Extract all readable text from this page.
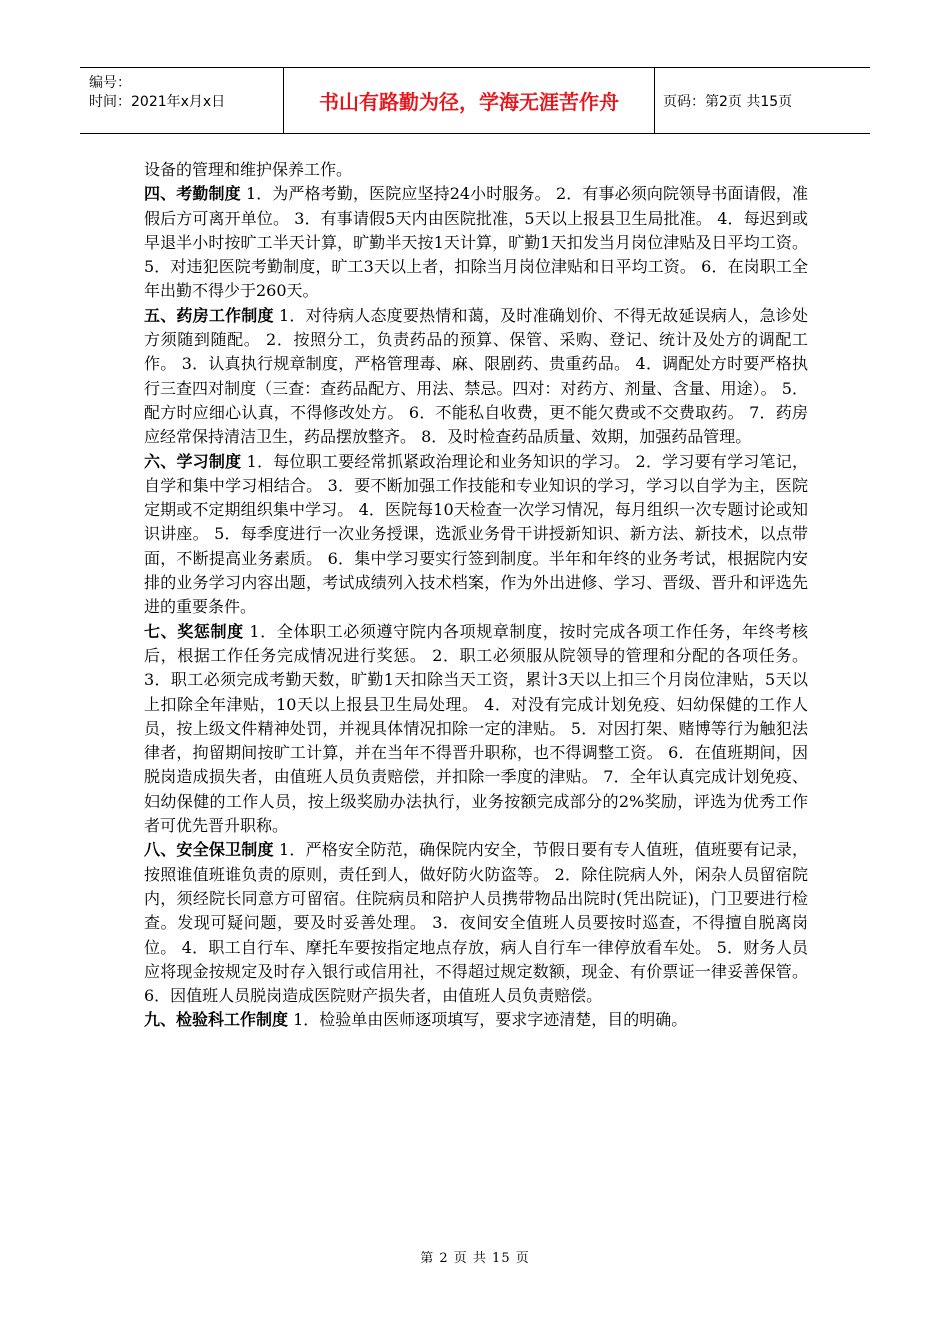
编号：
时间：2021年x月x日	书山有路勤为径，学海无涯苦作舟	页码：第2页 共15页

设备的管理和维护保养工作。

四、考勤制度 1．为严格考勤，医院应坚持24小时服务。 2．有事必须向院领导书面请假，准假后方可离开单位。 3．有事请假5天内由医院批准，5天以上报县卫生局批准。 4．每迟到或早退半小时按旷工半天计算，旷勤半天按1天计算，旷勤1天扣发当月岗位津贴及日平均工资。 5．对违犯医院考勤制度，旷工3天以上者，扣除当月岗位津贴和日平均工资。 6．在岗职工全年出勤不得少于260天。

五、药房工作制度 1．对待病人态度要热情和蔼，及时准确划价、不得无故延误病人，急诊处方须随到随配。 2．按照分工，负责药品的预算、保管、采购、登记、统计及处方的调配工作。 3．认真执行规章制度，严格管理毒、麻、限剧药、贵重药品。 4．调配处方时要严格执行三查四对制度（三查：查药品配方、用法、禁忌。四对：对药方、剂量、含量、用途）。 5．配方时应细心认真，不得修改处方。 6．不能私自收费，更不能欠费或不交费取药。 7．药房应经常保持清洁卫生，药品摆放整齐。 8．及时检查药品质量、效期，加强药品管理。

六、学习制度 1．每位职工要经常抓紧政治理论和业务知识的学习。 2．学习要有学习笔记，自学和集中学习相结合。 3．要不断加强工作技能和专业知识的学习，学习以自学为主，医院定期或不定期组织集中学习。 4．医院每10天检查一次学习情况，每月组织一次专题讨论或知识讲座。 5．每季度进行一次业务授课，选派业务骨干讲授新知识、新方法、新技术，以点带面，不断提高业务素质。 6．集中学习要实行签到制度。半年和年终的业务考试，根据院内安排的业务学习内容出题，考试成绩列入技术档案，作为外出进修、学习、晋级、晋升和评选先进的重要条件。

七、奖惩制度 1．全体职工必须遵守院内各项规章制度，按时完成各项工作任务，年终考核后，根据工作任务完成情况进行奖惩。 2．职工必须服从院领导的管理和分配的各项任务。 3．职工必须完成考勤天数，旷勤1天扣除当天工资，累计3天以上扣三个月岗位津贴，5天以上扣除全年津贴，10天以上报县卫生局处理。 4．对没有完成计划免疫、妇幼保健的工作人员，按上级文件精神处罚，并视具体情况扣除一定的津贴。 5．对因打架、赌博等行为触犯法律者，拘留期间按旷工计算，并在当年不得晋升职称，也不得调整工资。 6．在值班期间，因脱岗造成损失者，由值班人员负责赔偿，并扣除一季度的津贴。 7．全年认真完成计划免疫、妇幼保健的工作人员，按上级奖励办法执行，业务按额完成部分的2%奖励，评选为优秀工作者可优先晋升职称。

八、安全保卫制度 1．严格安全防范，确保院内安全，节假日要有专人值班，值班要有记录，按照谁值班谁负责的原则，责任到人，做好防火防盗等。 2．除住院病人外，闲杂人员留宿院内，须经院长同意方可留宿。住院病员和陪护人员携带物品出院时(凭出院证)，门卫要进行检查。发现可疑问题，要及时妥善处理。 3．夜间安全值班人员要按时巡查，不得擅自脱离岗位。 4．职工自行车、摩托车要按指定地点存放，病人自行车一律停放看车处。 5．财务人员应将现金按规定及时存入银行或信用社，不得超过规定数额，现金、有价票证一律妥善保管。 6．因值班人员脱岗造成医院财产损失者，由值班人员负责赔偿。

九、检验科工作制度 1．检验单由医师逐项填写，要求字迹清楚，目的明确。

第 2 页 共 15 页
